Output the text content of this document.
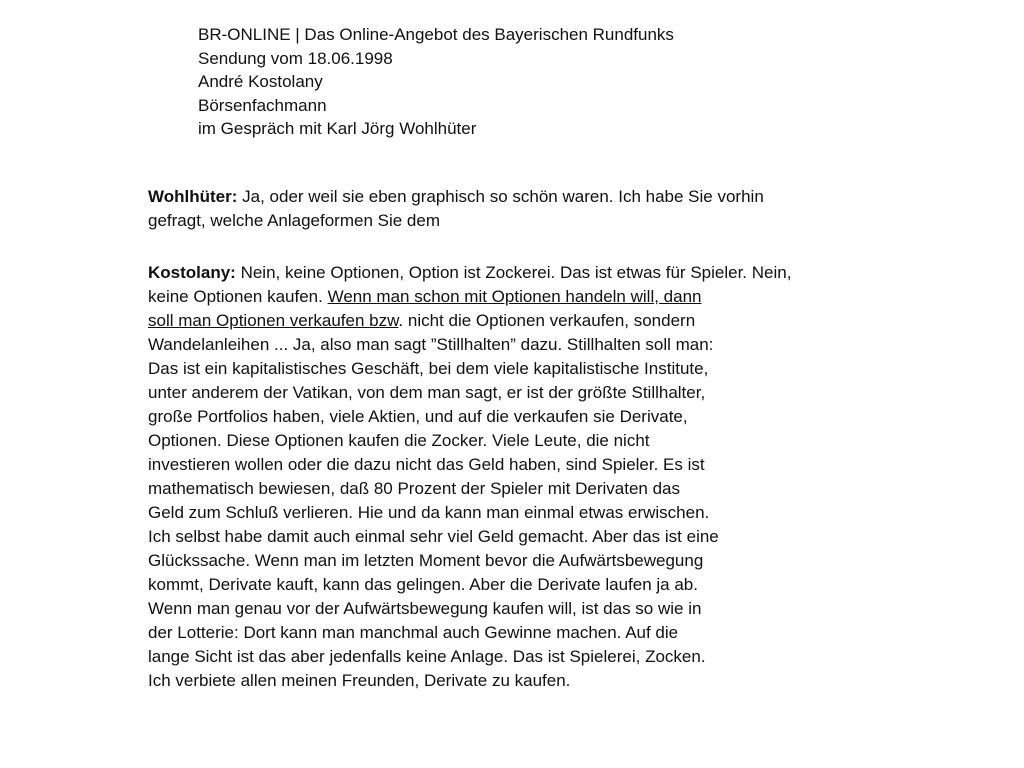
BR-ONLINE | Das Online-Angebot des Bayerischen Rundfunks
Sendung vom 18.06.1998
André Kostolany
Börsenfachmann
im Gespräch mit Karl Jörg Wohlhüter
Wohlhüter: Ja, oder weil sie eben graphisch so schön waren. Ich habe Sie vorhin
gefragt, welche Anlageformen Sie dem
Kostolany: Nein, keine Optionen, Option ist Zockerei. Das ist etwas für Spieler. Nein,
keine Optionen kaufen. Wenn man schon mit Optionen handeln will, dann
soll man Optionen verkaufen bzw. nicht die Optionen verkaufen, sondern
Wandelanleihen ... Ja, also man sagt ”Stillhalten” dazu. Stillhalten soll man:
Das ist ein kapitalistisches Geschäft, bei dem viele kapitalistische Institute,
unter anderem der Vatikan, von dem man sagt, er ist der größte Stillhalter,
große Portfolios haben, viele Aktien, und auf die verkaufen sie Derivate,
Optionen. Diese Optionen kaufen die Zocker. Viele Leute, die nicht
investieren wollen oder die dazu nicht das Geld haben, sind Spieler. Es ist
mathematisch bewiesen, daß 80 Prozent der Spieler mit Derivaten das
Geld zum Schluß verlieren. Hie und da kann man einmal etwas erwischen.
Ich selbst habe damit auch einmal sehr viel Geld gemacht. Aber das ist eine
Glückssache. Wenn man im letzten Moment bevor die Aufwärtsbewegung
kommt, Derivate kauft, kann das gelingen. Aber die Derivate laufen ja ab.
Wenn man genau vor der Aufwärtsbewegung kaufen will, ist das so wie in
der Lotterie: Dort kann man manchmal auch Gewinne machen. Auf die
lange Sicht ist das aber jedenfalls keine Anlage. Das ist Spielerei, Zocken.
Ich verbiete allen meinen Freunden, Derivate zu kaufen.
